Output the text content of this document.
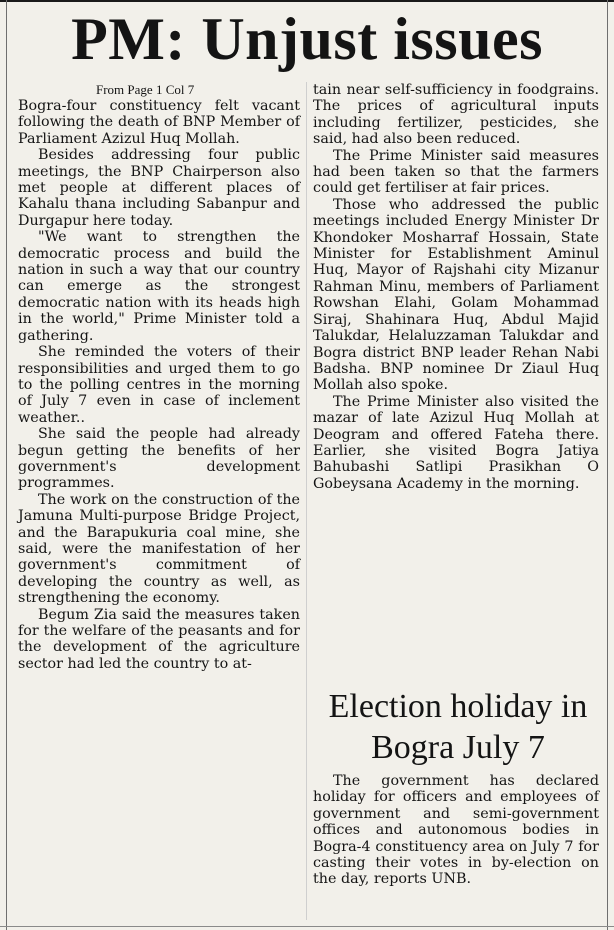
PM: Unjust issues

From Page 1 Col 7

Bogra-four constituency felt vacant following the death of BNP Member of Parliament Azizul Huq Mollah.

Besides addressing four public meetings, the BNP Chairperson also met people at different places of Kahalu thana including Sabanpur and Durgapur here today.

"We want to strengthen the democratic process and build the nation in such a way that our country can emerge as the strongest democratic nation with its heads high in the world," Prime Minister told a gathering.

She reminded the voters of their responsibilities and urged them to go to the polling centres in the morning of July 7 even in case of inclement weather..

She said the people had already begun getting the benefits of her government's development programmes.

The work on the construction of the Jamuna Multi-purpose Bridge Project, and the Barapukuria coal mine, she said, were the manifestation of her government's commitment of developing the country as well, as strengthening the economy.

Begum Zia said the measures taken for the welfare of the peasants and for the development of the agriculture sector had led the country to at-

tain near self-sufficiency in foodgrains. The prices of agricultural inputs including fertilizer, pesticides, she said, had also been reduced.

The Prime Minister said measures had been taken so that the farmers could get fertiliser at fair prices.

Those who addressed the public meetings included Energy Minister Dr Khondoker Mosharraf Hossain, State Minister for Establishment Aminul Huq, Mayor of Rajshahi city Mizanur Rahman Minu, members of Parliament Rowshan Elahi, Golam Mohammad Siraj, Shahinara Huq, Abdul Majid Talukdar, Helaluzzaman Talukdar and Bogra district BNP leader Rehan Nabi Badsha. BNP nominee Dr Ziaul Huq Mollah also spoke.

The Prime Minister also visited the mazar of late Azizul Huq Mollah at Deogram and offered Fateha there. Earlier, she visited Bogra Jatiya Bahubashi Satlipi Prasikhan O Gobeysana Academy in the morning.

Election holiday in Bogra July 7

The government has declared holiday for officers and employees of government and semi-government offices and autonomous bodies in Bogra-4 constituency area on July 7 for casting their votes in by-election on the day, reports UNB.
